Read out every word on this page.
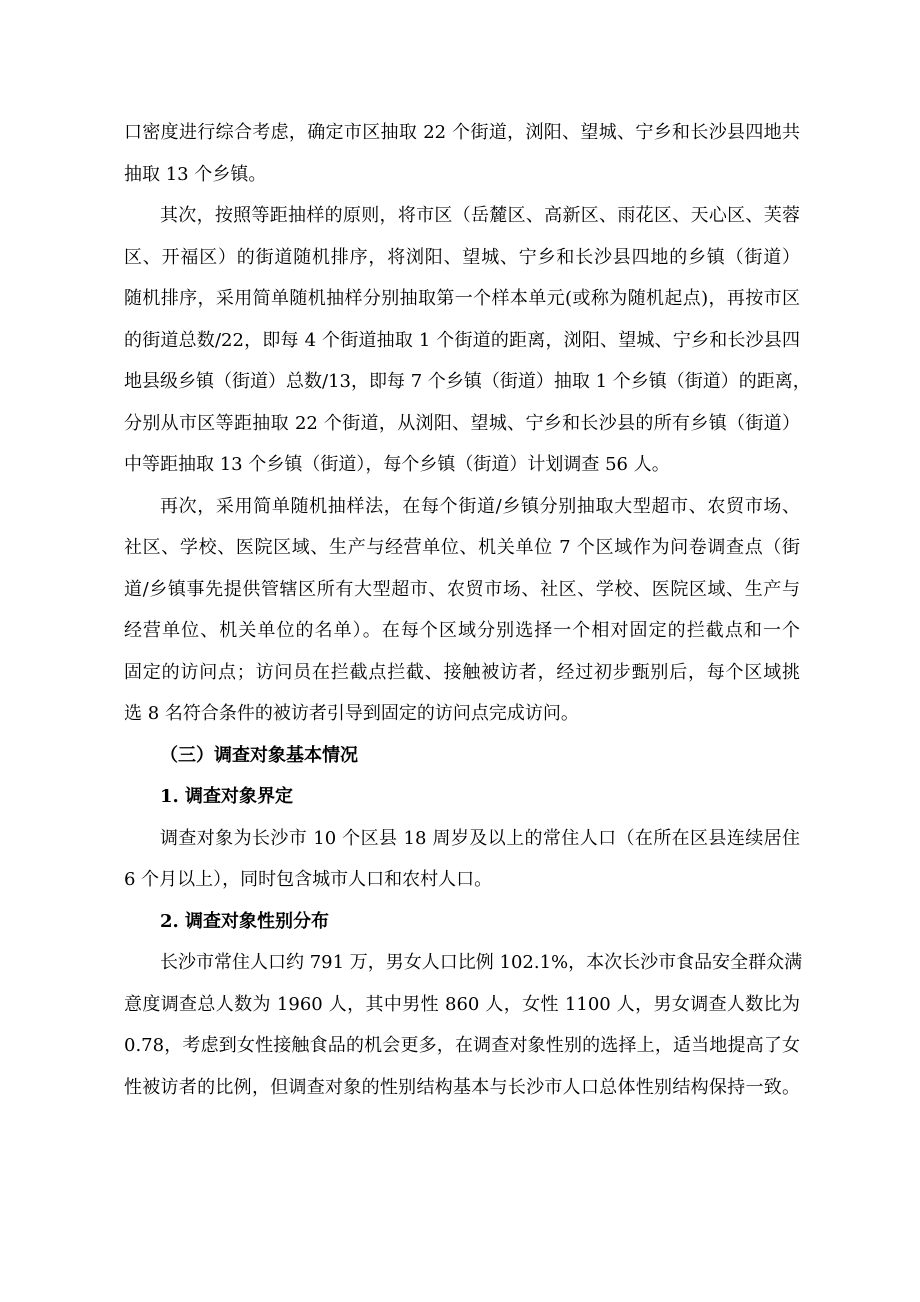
口密度进行综合考虑，确定市区抽取 22 个街道，浏阳、望城、宁乡和长沙县四地共
抽取 13 个乡镇。
其次，按照等距抽样的原则，将市区（岳麓区、高新区、雨花区、天心区、芙蓉
区、开福区）的街道随机排序，将浏阳、望城、宁乡和长沙县四地的乡镇（街道）
随机排序，采用简单随机抽样分别抽取第一个样本单元(或称为随机起点)，再按市区
的街道总数/22，即每 4 个街道抽取 1 个街道的距离，浏阳、望城、宁乡和长沙县四
地县级乡镇（街道）总数/13，即每 7 个乡镇（街道）抽取 1 个乡镇（街道）的距离，
分别从市区等距抽取 22 个街道，从浏阳、望城、宁乡和长沙县的所有乡镇（街道）
中等距抽取 13 个乡镇（街道），每个乡镇（街道）计划调查 56 人。
再次，采用简单随机抽样法，在每个街道/乡镇分别抽取大型超市、农贸市场、
社区、学校、医院区域、生产与经营单位、机关单位 7 个区域作为问卷调查点（街
道/乡镇事先提供管辖区所有大型超市、农贸市场、社区、学校、医院区域、生产与
经营单位、机关单位的名单）。在每个区域分别选择一个相对固定的拦截点和一个
固定的访问点；访问员在拦截点拦截、接触被访者，经过初步甄别后，每个区域挑
选 8 名符合条件的被访者引导到固定的访问点完成访问。
（三）调查对象基本情况
1. 调查对象界定
调查对象为长沙市 10 个区县 18 周岁及以上的常住人口（在所在区县连续居住
6 个月以上），同时包含城市人口和农村人口。
2. 调查对象性别分布
长沙市常住人口约 791 万，男女人口比例 102.1%，本次长沙市食品安全群众满
意度调查总人数为 1960 人，其中男性 860 人，女性 1100 人，男女调查人数比为
0.78，考虑到女性接触食品的机会更多，在调查对象性别的选择上，适当地提高了女
性被访者的比例，但调查对象的性别结构基本与长沙市人口总体性别结构保持一致。
